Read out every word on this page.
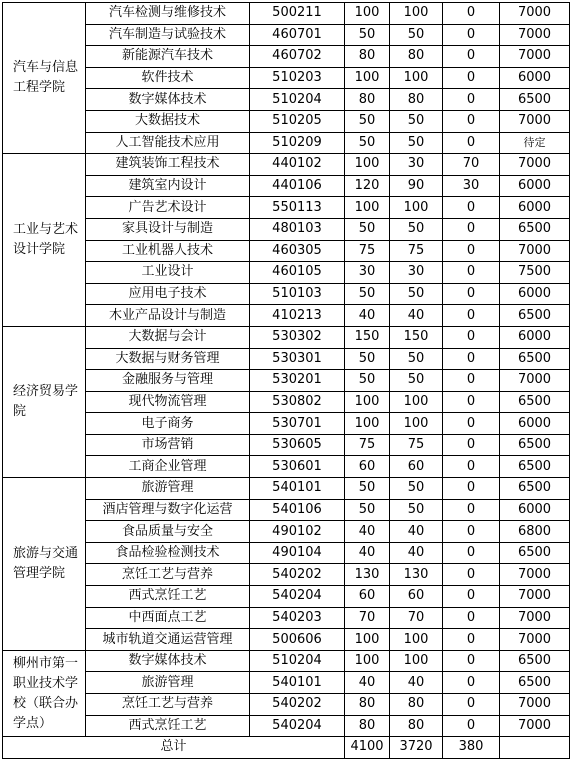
汽车与信息工程学院	汽车检测与维修技术	500211	100	100	0	7000
	汽车制造与试验技术	460701	50	50	0	7000
	新能源汽车技术	460702	80	80	0	7000
	软件技术	510203	100	100	0	6000
	数字媒体技术	510204	80	80	0	6500
	大数据技术	510205	50	50	0	7000
	人工智能技术应用	510209	50	50	0	待定
工业与艺术设计学院	建筑装饰工程技术	440102	100	30	70	7000
	建筑室内设计	440106	120	90	30	6000
	广告艺术设计	550113	100	100	0	6000
	家具设计与制造	480103	50	50	0	6500
	工业机器人技术	460305	75	75	0	7000
	工业设计	460105	30	30	0	7500
	应用电子技术	510103	50	50	0	6000
	木业产品设计与制造	410213	40	40	0	6500
经济贸易学院	大数据与会计	530302	150	150	0	6000
	大数据与财务管理	530301	50	50	0	6500
	金融服务与管理	530201	50	50	0	7000
	现代物流管理	530802	100	100	0	6500
	电子商务	530701	100	100	0	6000
	市场营销	530605	75	75	0	6500
	工商企业管理	530601	60	60	0	6500
旅游与交通管理学院	旅游管理	540101	50	50	0	6500
	酒店管理与数字化运营	540106	50	50	0	6000
	食品质量与安全	490102	40	40	0	6800
	食品检验检测技术	490104	40	40	0	6500
	烹饪工艺与营养	540202	130	130	0	7000
	西式烹饪工艺	540204	60	60	0	7000
	中西面点工艺	540203	70	70	0	7000
	城市轨道交通运营管理	500606	100	100	0	7000
柳州市第一职业技术学校（联合办学点）	数字媒体技术	510204	100	100	0	6500
	旅游管理	540101	40	40	0	6500
	烹饪工艺与营养	540202	80	80	0	7000
	西式烹饪工艺	540204	80	80	0	7000
总计			4100	3720	380	
